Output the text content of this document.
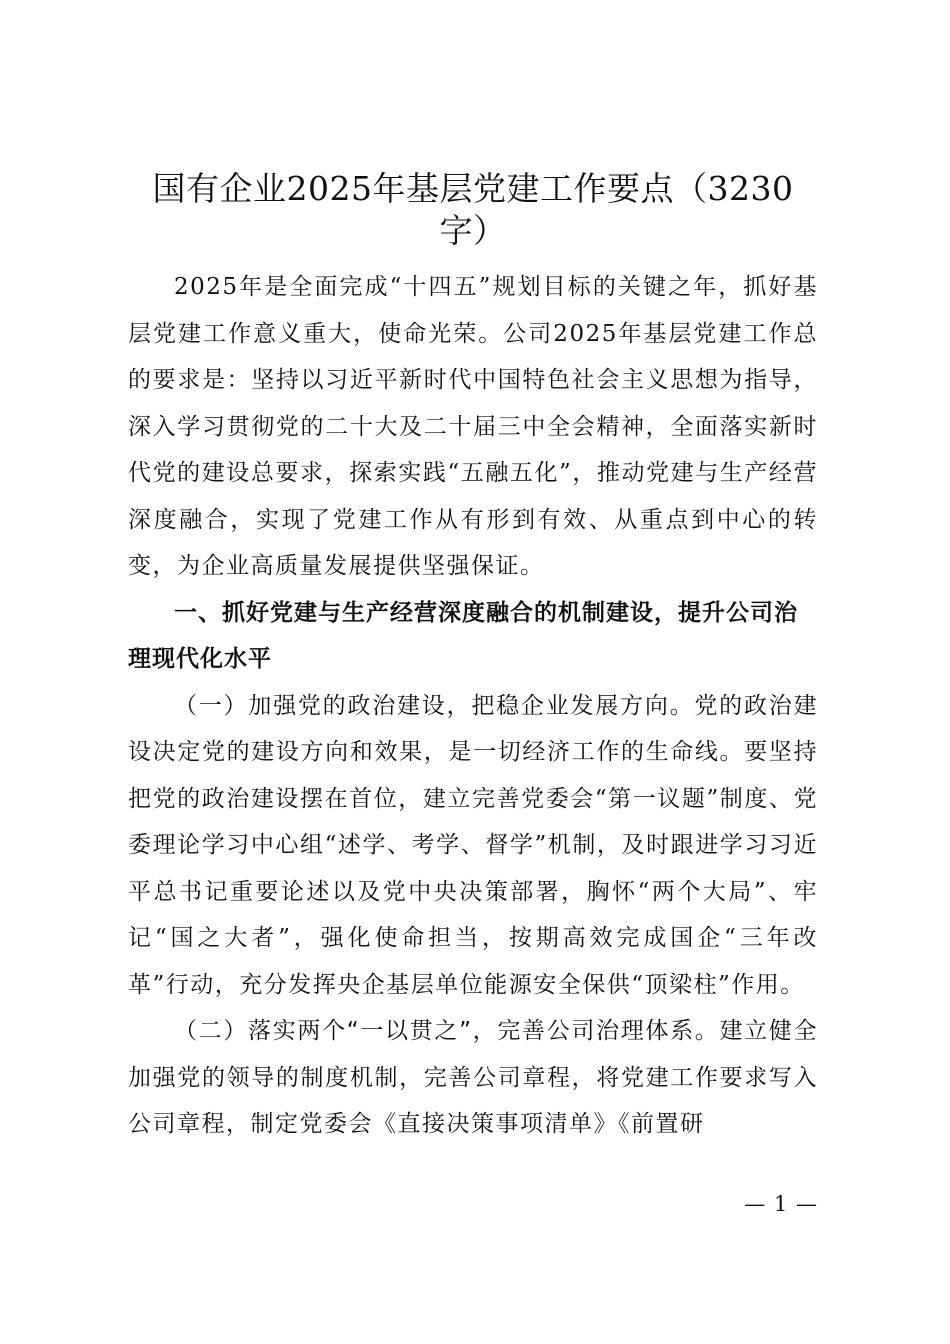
国有企业2025年基层党建工作要点（3230字）

2025年是全面完成“十四五”规划目标的关键之年，抓好基层党建工作意义重大，使命光荣。公司2025年基层党建工作总的要求是：坚持以习近平新时代中国特色社会主义思想为指导，深入学习贯彻党的二十大及二十届三中全会精神，全面落实新时代党的建设总要求，探索实践“五融五化”，推动党建与生产经营深度融合，实现了党建工作从有形到有效、从重点到中心的转变，为企业高质量发展提供坚强保证。

一、抓好党建与生产经营深度融合的机制建设，提升公司治理现代化水平

（一）加强党的政治建设，把稳企业发展方向。党的政治建设决定党的建设方向和效果，是一切经济工作的生命线。要坚持把党的政治建设摆在首位，建立完善党委会“第一议题”制度、党委理论学习中心组“述学、考学、督学”机制，及时跟进学习习近平总书记重要论述以及党中央决策部署，胸怀“两个大局”、牢记“国之大者”，强化使命担当，按期高效完成国企“三年改革”行动，充分发挥央企基层单位能源安全保供“顶梁柱”作用。

（二）落实两个“一以贯之”，完善公司治理体系。建立健全加强党的领导的制度机制，完善公司章程，将党建工作要求写入公司章程，制定党委会《直接决策事项清单》《前置研

— 1 —
